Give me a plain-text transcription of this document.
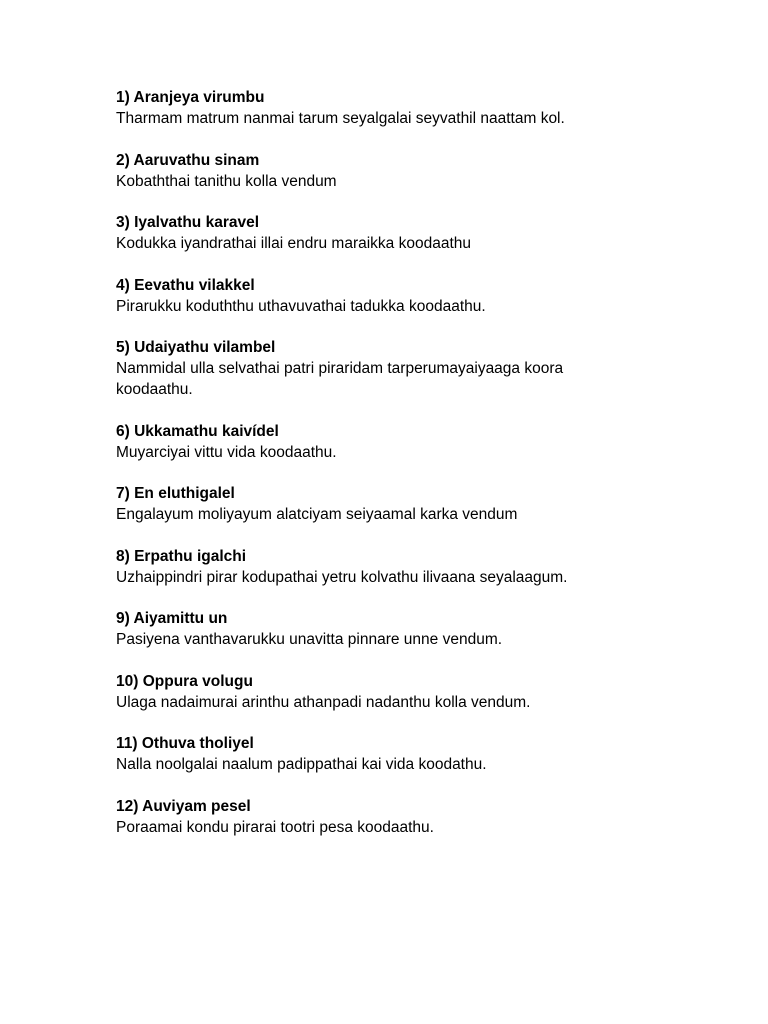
1) Aranjeya virumbu
Tharmam matrum nanmai tarum seyalgalai seyvathil naattam kol.
2) Aaruvathu sinam
Kobaththai tanithu kolla vendum
3) Iyalvathu karavel
Kodukka iyandrathai illai endru maraikka koodaathu
4) Eevathu vilakkel
Pirarukku koduththu uthavuvathai tadukka koodaathu.
5) Udaiyathu vilambel
Nammidal ulla selvathai patri piraridam tarperumayaiyaaga koora koodaathu.
6) Ukkamathu kaivídel
Muyarciyai vittu vida koodaathu.
7) En eluthigalel
Engalayum moliyayum alatciyam seiyaamal karka vendum
8) Erpathu igalchi
Uzhaippindri pirar kodupathai yetru kolvathu ilivaana seyalaagum.
9) Aiyamittu un
Pasiyena vanthavarukku unavitta pinnare unne vendum.
10) Oppura volugu
Ulaga nadaimurai arinthu athanpadi nadanthu kolla vendum.
11) Othuva tholiyel
Nalla noolgalai naalum padippathai kai vida koodathu.
12) Auviyam pesel
Poraamai kondu pirarai tootri pesa koodaathu.
